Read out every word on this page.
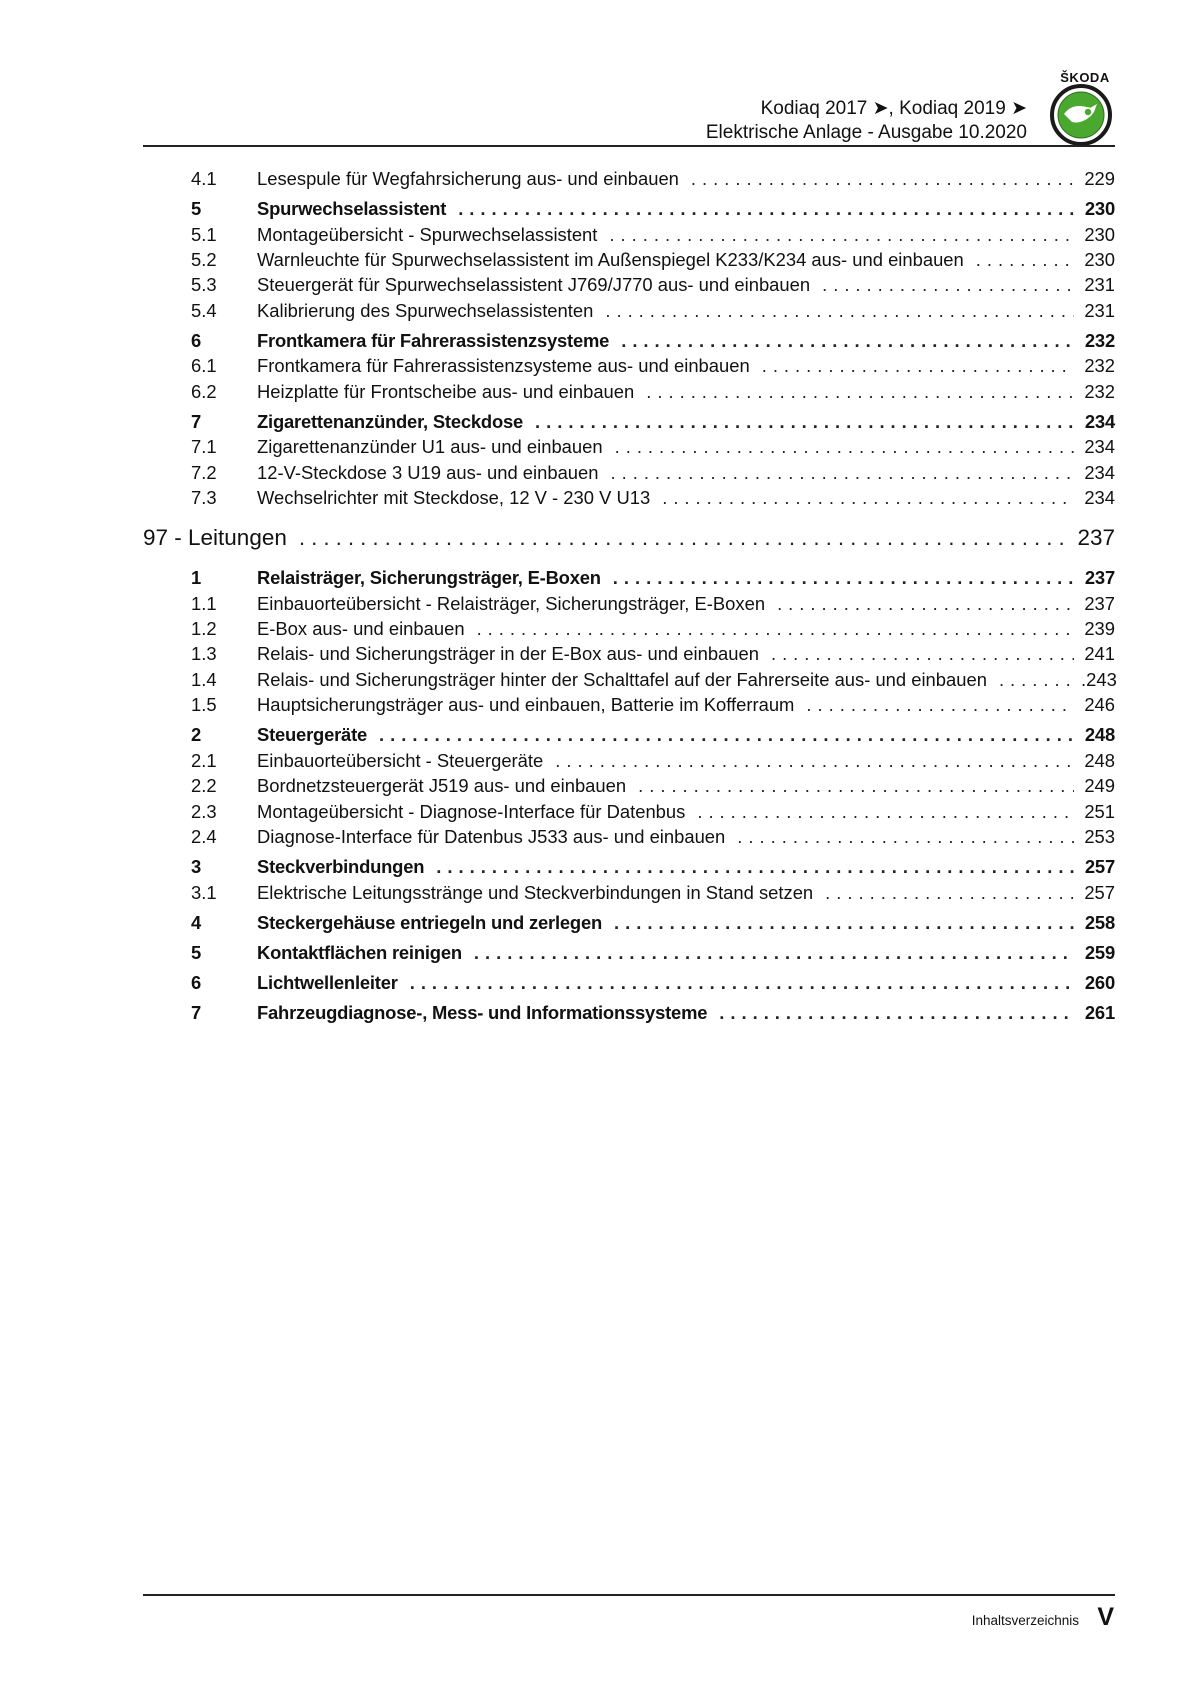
ŠKODA
Kodiaq 2017 ➤, Kodiaq 2019 ➤
Elektrische Anlage - Ausgabe 10.2020
4.1 Lesespule für Wegfahrsicherung aus- und einbauen .....	229
5	Spurwechselassistent .....	230
5.1 Montageübersicht - Spurwechselassistent .....	230
5.2 Warnleuchte für Spurwechselassistent im Außenspiegel K233/K234 aus- und einbauen .....	230
5.3 Steuergerät für Spurwechselassistent J769/J770 aus- und einbauen .....	231
5.4 Kalibrierung des Spurwechselassistenten .....	231
6	Frontkamera für Fahrerassistenzsysteme .....	232
6.1 Frontkamera für Fahrerassistenzsysteme aus- und einbauen .....	232
6.2 Heizplatte für Frontscheibe aus- und einbauen .....	232
7	Zigarettenanzünder, Steckdose .....	234
7.1 Zigarettenanzünder U1 aus- und einbauen .....	234
7.2 12-V-Steckdose 3 U19 aus- und einbauen .....	234
7.3 Wechselrichter mit Steckdose, 12 V - 230 V U13 .....	234
97 - Leitungen .....	237
1	Relaisträger, Sicherungsträger, E-Boxen .....	237
1.1 Einbauorteübersicht - Relaisträger, Sicherungsträger, E-Boxen .....	237
1.2 E-Box aus- und einbauen .....	239
1.3 Relais- und Sicherungsträger in der E-Box aus- und einbauen .....	241
1.4 Relais- und Sicherungsträger hinter der Schalttafel auf der Fahrerseite aus- und einbauen .....	.243
1.5 Hauptsicherungsträger aus- und einbauen, Batterie im Kofferraum .....	246
2	Steuergeräte .....	248
2.1 Einbauorteübersicht - Steuergeräte .....	248
2.2 Bordnetzsteuergerät J519 aus- und einbauen .....	249
2.3 Montageübersicht - Diagnose-Interface für Datenbus .....	251
2.4 Diagnose-Interface für Datenbus J533 aus- und einbauen .....	253
3	Steckverbindungen .....	257
3.1 Elektrische Leitungsstränge und Steckverbindungen in Stand setzen .....	257
4	Steckergehäuse entriegeln und zerlegen .....	258
5	Kontaktflächen reinigen .....	259
6	Lichtwellenleiter .....	260
7	Fahrzeugdiagnose-, Mess- und Informationssysteme .....	261
Inhaltsverzeichnis V
